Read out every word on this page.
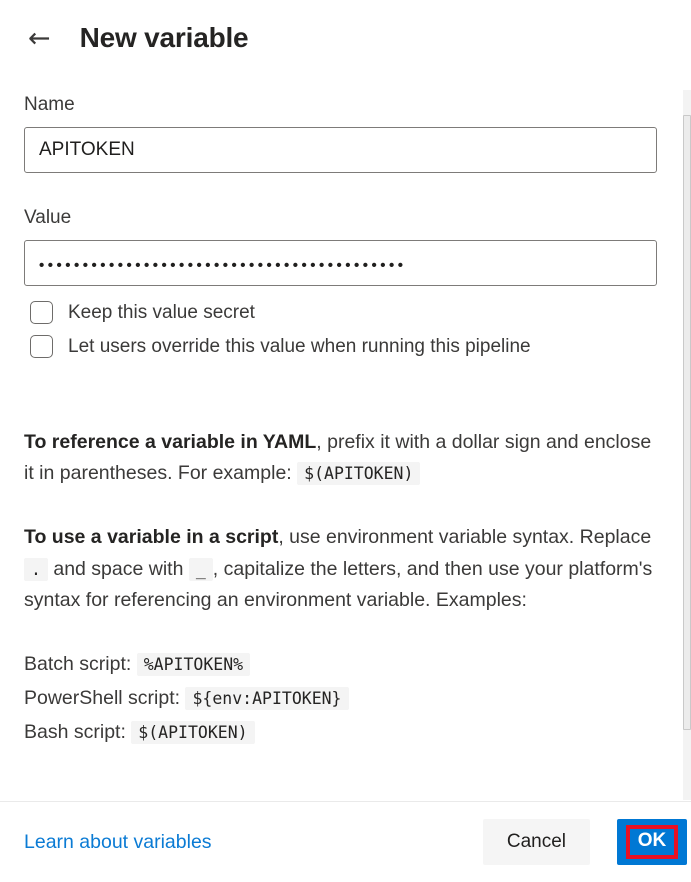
← New variable
Name
APITOKEN
Value
••••••••••••••••••••••••••••••••••••••••••
Keep this value secret
Let users override this value when running this pipeline

To reference a variable in YAML, prefix it with a dollar sign and enclose it in parentheses. For example: $(APITOKEN)

To use a variable in a script, use environment variable syntax. Replace . and space with _ , capitalize the letters, and then use your platform's syntax for referencing an environment variable. Examples:

Batch script: %APITOKEN%

PowerShell script: ${env:APITOKEN}

Bash script: $(APITOKEN)

Learn about variables	Cancel	OK
